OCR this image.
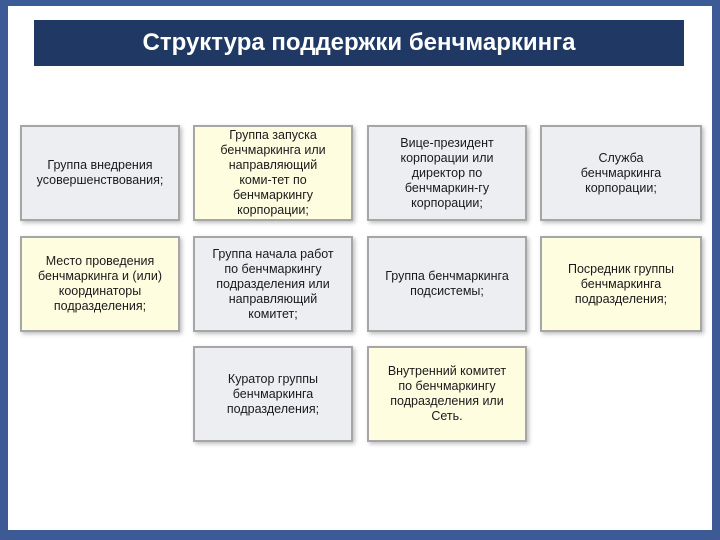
Структура поддержки бенчмаркинга
Группа внедрения
усовершенствования;
Группа запуска
бенчмаркинга или
направляющий
коми-тет по
бенчмаркингу
корпорации;
Вице-президент
корпорации или
директор по
бенчмаркин-гу
корпорации;
Служба
бенчмаркинга
корпорации;
Место проведения
бенчмаркинга и (или)
координаторы
подразделения;
Группа начала работ
по бенчмаркингу
подразделения или
направляющий
комитет;
Группа бенчмаркинга
подсистемы;
Посредник группы
бенчмаркинга
подразделения;
Куратор группы
бенчмаркинга
подразделения;
Внутренний комитет
по бенчмаркингу
подразделения или
Сеть.
